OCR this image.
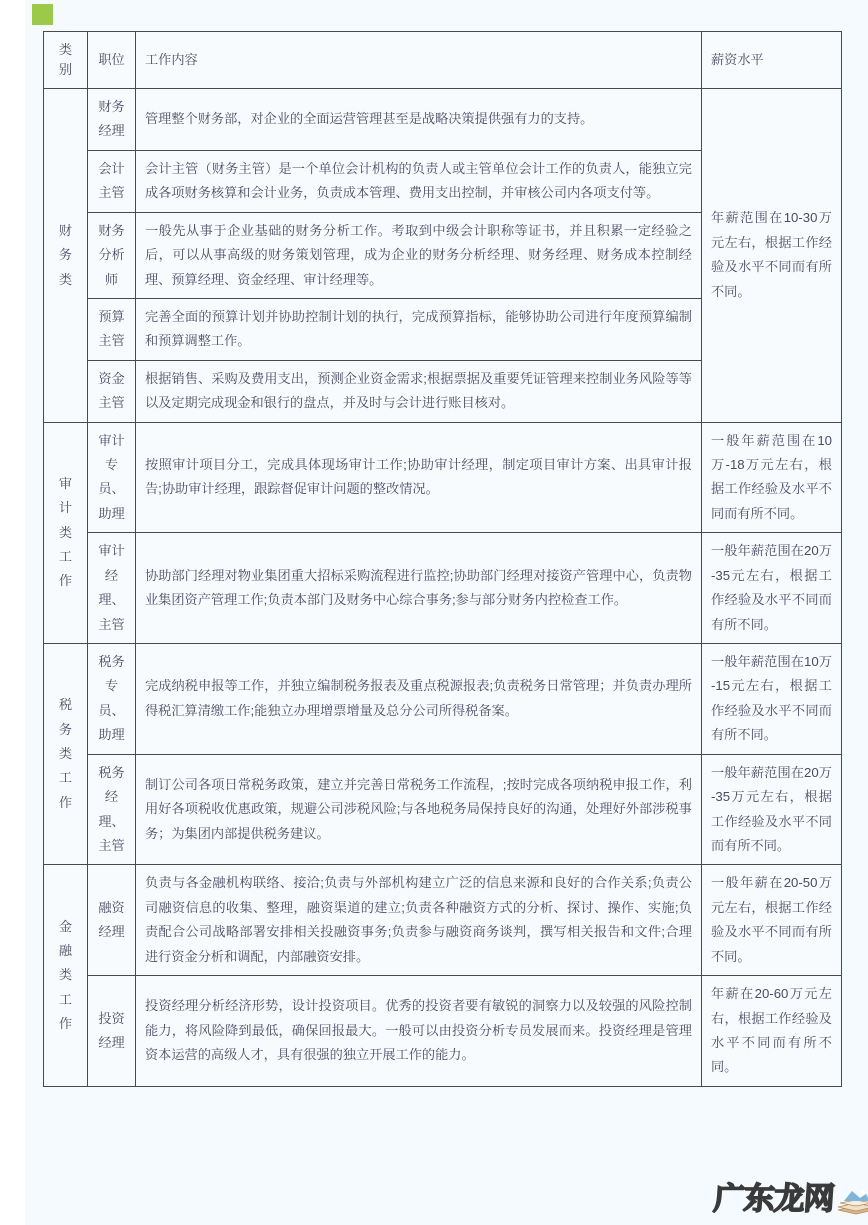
类别	职位	工作内容	薪资水平
财务类	财务经理	管理整个财务部，对企业的全面运营管理甚至是战略决策提供强有力的支持。	年薪范围在10-30万元左右，根据工作经验及水平不同而有所不同。
	会计主管	会计主管（财务主管）是一个单位会计机构的负责人或主管单位会计工作的负责人，能独立完成各项财务核算和会计业务，负责成本管理、费用支出控制，并审核公司内各项支付等。	
	财务分析师	一般先从事于企业基础的财务分析工作。考取到中级会计职称等证书，并且积累一定经验之后，可以从事高级的财务策划管理，成为企业的财务分析经理、财务经理、财务成本控制经理、预算经理、资金经理、审计经理等。	
	预算主管	完善全面的预算计划并协助控制计划的执行，完成预算指标，能够协助公司进行年度预算编制和预算调整工作。	
	资金主管	根据销售、采购及费用支出，预测企业资金需求;根据票据及重要凭证管理来控制业务风险等等以及定期完成现金和银行的盘点，并及时与会计进行账目核对。	
审计类工作	审计专员、助理	按照审计项目分工，完成具体现场审计工作;协助审计经理，制定项目审计方案、出具审计报告;协助审计经理，跟踪督促审计问题的整改情况。	一般年薪范围在10万-18万元左右，根据工作经验及水平不同而有所不同。
	审计经理、主管	协助部门经理对物业集团重大招标采购流程进行监控;协助部门经理对接资产管理中心，负责物业集团资产管理工作;负责本部门及财务中心综合事务;参与部分财务内控检查工作。	一般年薪范围在20万 -35元左右，根据工作经验及水平不同而有所不同。
税务类工作	税务专员、助理	完成纳税申报等工作，并独立编制税务报表及重点税源报表;负责税务日常管理；并负责办理所得税汇算清缴工作;能独立办理增票增量及总分公司所得税备案。	一般年薪范围在10万 -15元左右，根据工作经验及水平不同而有所不同。
	税务经理、主管	制订公司各项日常税务政策，建立并完善日常税务工作流程，;按时完成各项纳税申报工作，利用好各项税收优惠政策，规避公司涉税风险;与各地税务局保持良好的沟通，处理好外部涉税事务；为集团内部提供税务建议。	一般年薪范围在20万 -35万元左右，根据工作经验及水平不同而有所不同。
金融类工作	融资经理	负责与各金融机构联络、接洽;负责与外部机构建立广泛的信息来源和良好的合作关系;负责公司融资信息的收集、整理，融资渠道的建立;负责各种融资方式的分析、探讨、操作、实施;负责配合公司战略部署安排相关投融资事务;负责参与融资商务谈判，撰写相关报告和文件;合理进行资金分析和调配，内部融资安排。	一般年薪在20-50万元左右，根据工作经验及水平不同而有所不同。
	投资经理	投资经理分析经济形势，设计投资项目。优秀的投资者要有敏锐的洞察力以及较强的风险控制能力，将风险降到最低，确保回报最大。一般可以由投资分析专员发展而来。投资经理是管理资本运营的高级人才，具有很强的独立开展工作的能力。	年薪在20-60万元左右，根据工作经验及水平不同而有所不同。
广东龙网
